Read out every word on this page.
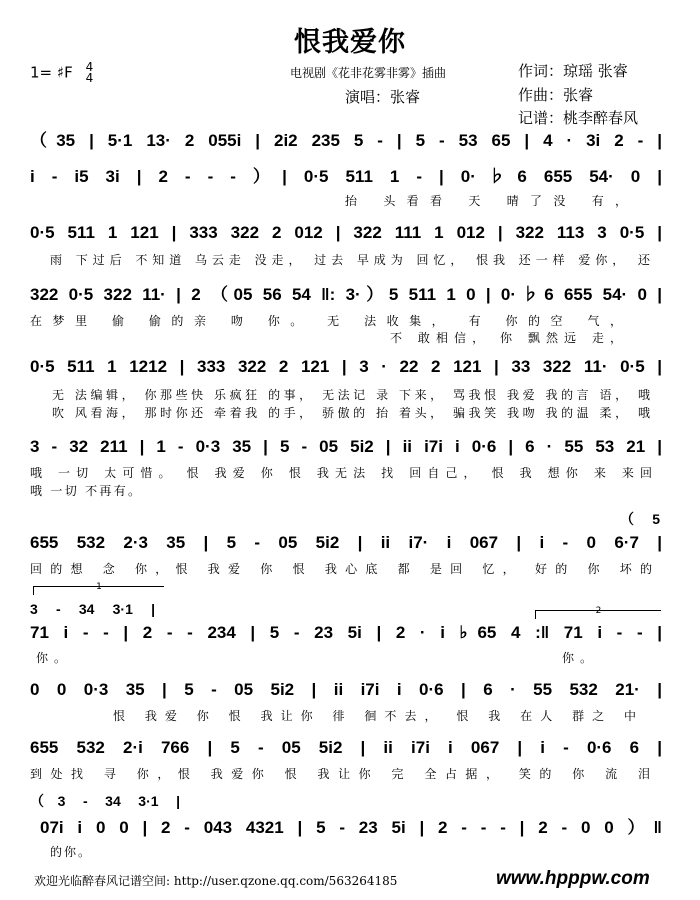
恨我爱你
1= ♯F 4
4	电视剧《花非花雾非雾》插曲
演唱：张睿
作词：琼瑶 张睿
作曲：张睿
记谱：桃李醉春风
（35 | 5·1 13· 2 055i | 2i2 235 5 - | 5 - 53 65 | 4 · 3i 2 - |
i - i5 3i | 2 - - - ）| 0·5 511 1 - | 0·♭6 655 54· 0 |
抬 头看看 天 晴了没 有，
0·5 511 1 121 | 333 322 2 012 | 322 111 1 012 | 322 113 3 0·5 |
雨 下过后 不知道 乌云走 没走， 过去 早成为 回忆， 恨我 还一样 爱你， 还
322 0·5 322 11· | 2 （05 56 54 ‖: 3·）5 511 1 0 | 0·♭6 655 54· 0 |
在梦里 偷 偷的亲 吻 你。 无 法收集， 有 你的空 气，
不 敢相信， 你 飘然远 走，
0·5 511 1 1212 | 333 322 2 121 | 3 · 22 2 121 | 33 322 11· 0·5 |
无 法编辑， 你那些快 乐疯狂 的事， 无法记 录 下来， 骂我恨 我爱 我的言 语， 哦
吹 风看海， 那时你还 牵着我 的手， 骄傲的 抬 着头， 骗我笑 我吻 我的温 柔， 哦
3 - 32 211 | 1 - 0·3 35 | 5 - 05 5i2 | ii i7i i 0·6 | 6 · 55 53 21 |
哦 一切 太可惜。 恨 我爱 你 恨 我无法 找 回自己， 恨 我 想你 来 来回
哦 一切 不再有。
（5
655 532 2·3 35 | 5 - 05 5i2 | ii i7· i 067 | i - 0 6·7 |
回的想 念 你，恨 我爱 你 恨 我心底 都 是回 忆， 好的 你 坏的
1
3 - 34 3·1 |	2
71 i - - | 2 - - 234 | 5 - 23 5i | 2 · i ♭65 4 :‖ 71 i - - |
你。	你。
0 0 0·3 35 | 5 - 05 5i2 | ii i7i i 0·6 | 6 · 55 532 21· |
恨 我爱 你 恨 我让你 徘 徊不去， 恨 我 在人 群之 中
655 532 2·i 766 | 5 - 05 5i2 | ii i7i i 067 | i - 0·6 6 |
到处找 寻 你，恨 我爱你 恨 我让你 完 全占据， 笑的 你 流 泪
（3 - 34 3·1 |
07i i 0 0 | 2 - 043 4321 | 5 - 23 5i | 2 - - - | 2 - 0 0 ）‖
的你。
欢迎光临醉春风记谱空间: http://user.qzone.qq.com/563264185	www.hpppw.com
